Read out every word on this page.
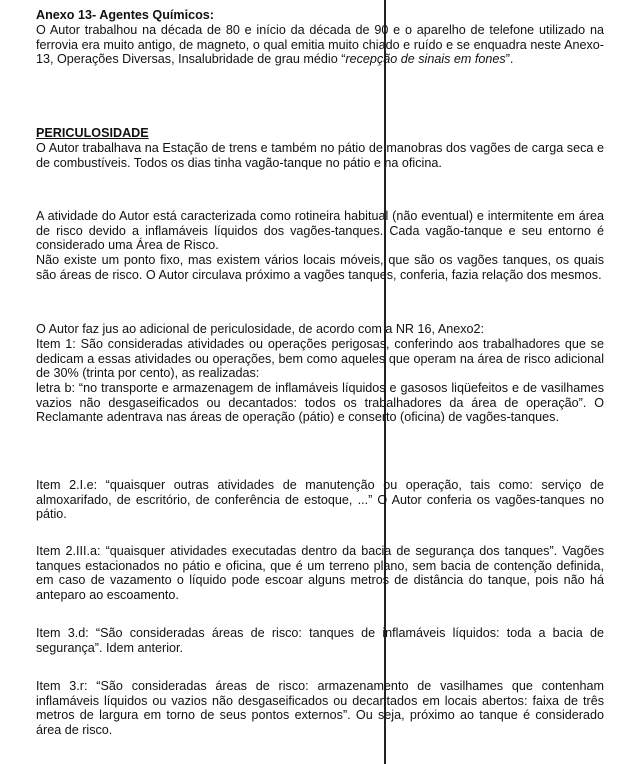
Anexo 13- Agentes Químicos:
O Autor trabalhou na década de 80 e início da década de 90 e o aparelho de telefone utilizado na ferrovia era muito antigo, de magneto, o qual emitia muito chiado e ruído e se enquadra neste Anexo-13, Operações Diversas, Insalubridade de grau médio “recepção de sinais em fones”.
PERICULOSIDADE
O Autor trabalhava na Estação de trens e também no pátio de manobras dos vagões de carga seca e de combustíveis. Todos os dias tinha vagão-tanque no pátio e na oficina.
A atividade do Autor está caracterizada como rotineira habitual (não eventual) e intermitente em área de risco devido a inflamáveis líquidos dos vagões-tanques. Cada vagão-tanque e seu entorno é considerado uma Área de Risco.
Não existe um ponto fixo, mas existem vários locais móveis, que são os vagões tanques, os quais são áreas de risco. O Autor circulava próximo a vagões tanques, conferia, fazia relação dos mesmos.
O Autor faz jus ao adicional de periculosidade, de acordo com a NR 16, Anexo2:
Item 1: São consideradas atividades ou operações perigosas, conferindo aos trabalhadores que se dedicam a essas atividades ou operações, bem como aqueles que operam na área de risco adicional de 30% (trinta por cento), as realizadas:
letra b: “no transporte e armazenagem de inflamáveis líquidos e gasosos liqüefeitos e de vasilhames vazios não desgaseificados ou decantados: todos os trabalhadores da área de operação”. O Reclamante adentrava nas áreas de operação (pátio) e conserto (oficina) de vagões-tanques.
Item 2.I.e: “quaisquer outras atividades de manutenção ou operação, tais como: serviço de almoxarifado, de escritório, de conferência de estoque, ...” O Autor conferia os vagões-tanques no pátio.
Item 2.III.a: “quaisquer atividades executadas dentro da bacia de segurança dos tanques”. Vagões tanques estacionados no pátio e oficina, que é um terreno plano, sem bacia de contenção definida, em caso de vazamento o líquido pode escoar alguns metros de distância do tanque, pois não há anteparo ao escoamento.
Item 3.d: “São consideradas áreas de risco: tanques de inflamáveis líquidos: toda a bacia de segurança”. Idem anterior.
Item 3.r: “São consideradas áreas de risco: armazenamento de vasilhames que contenham inflamáveis líquidos ou vazios não desgaseificados ou decantados em locais abertos: faixa de três metros de largura em torno de seus pontos externos”. Ou seja, próximo ao tanque é considerado área de risco.
